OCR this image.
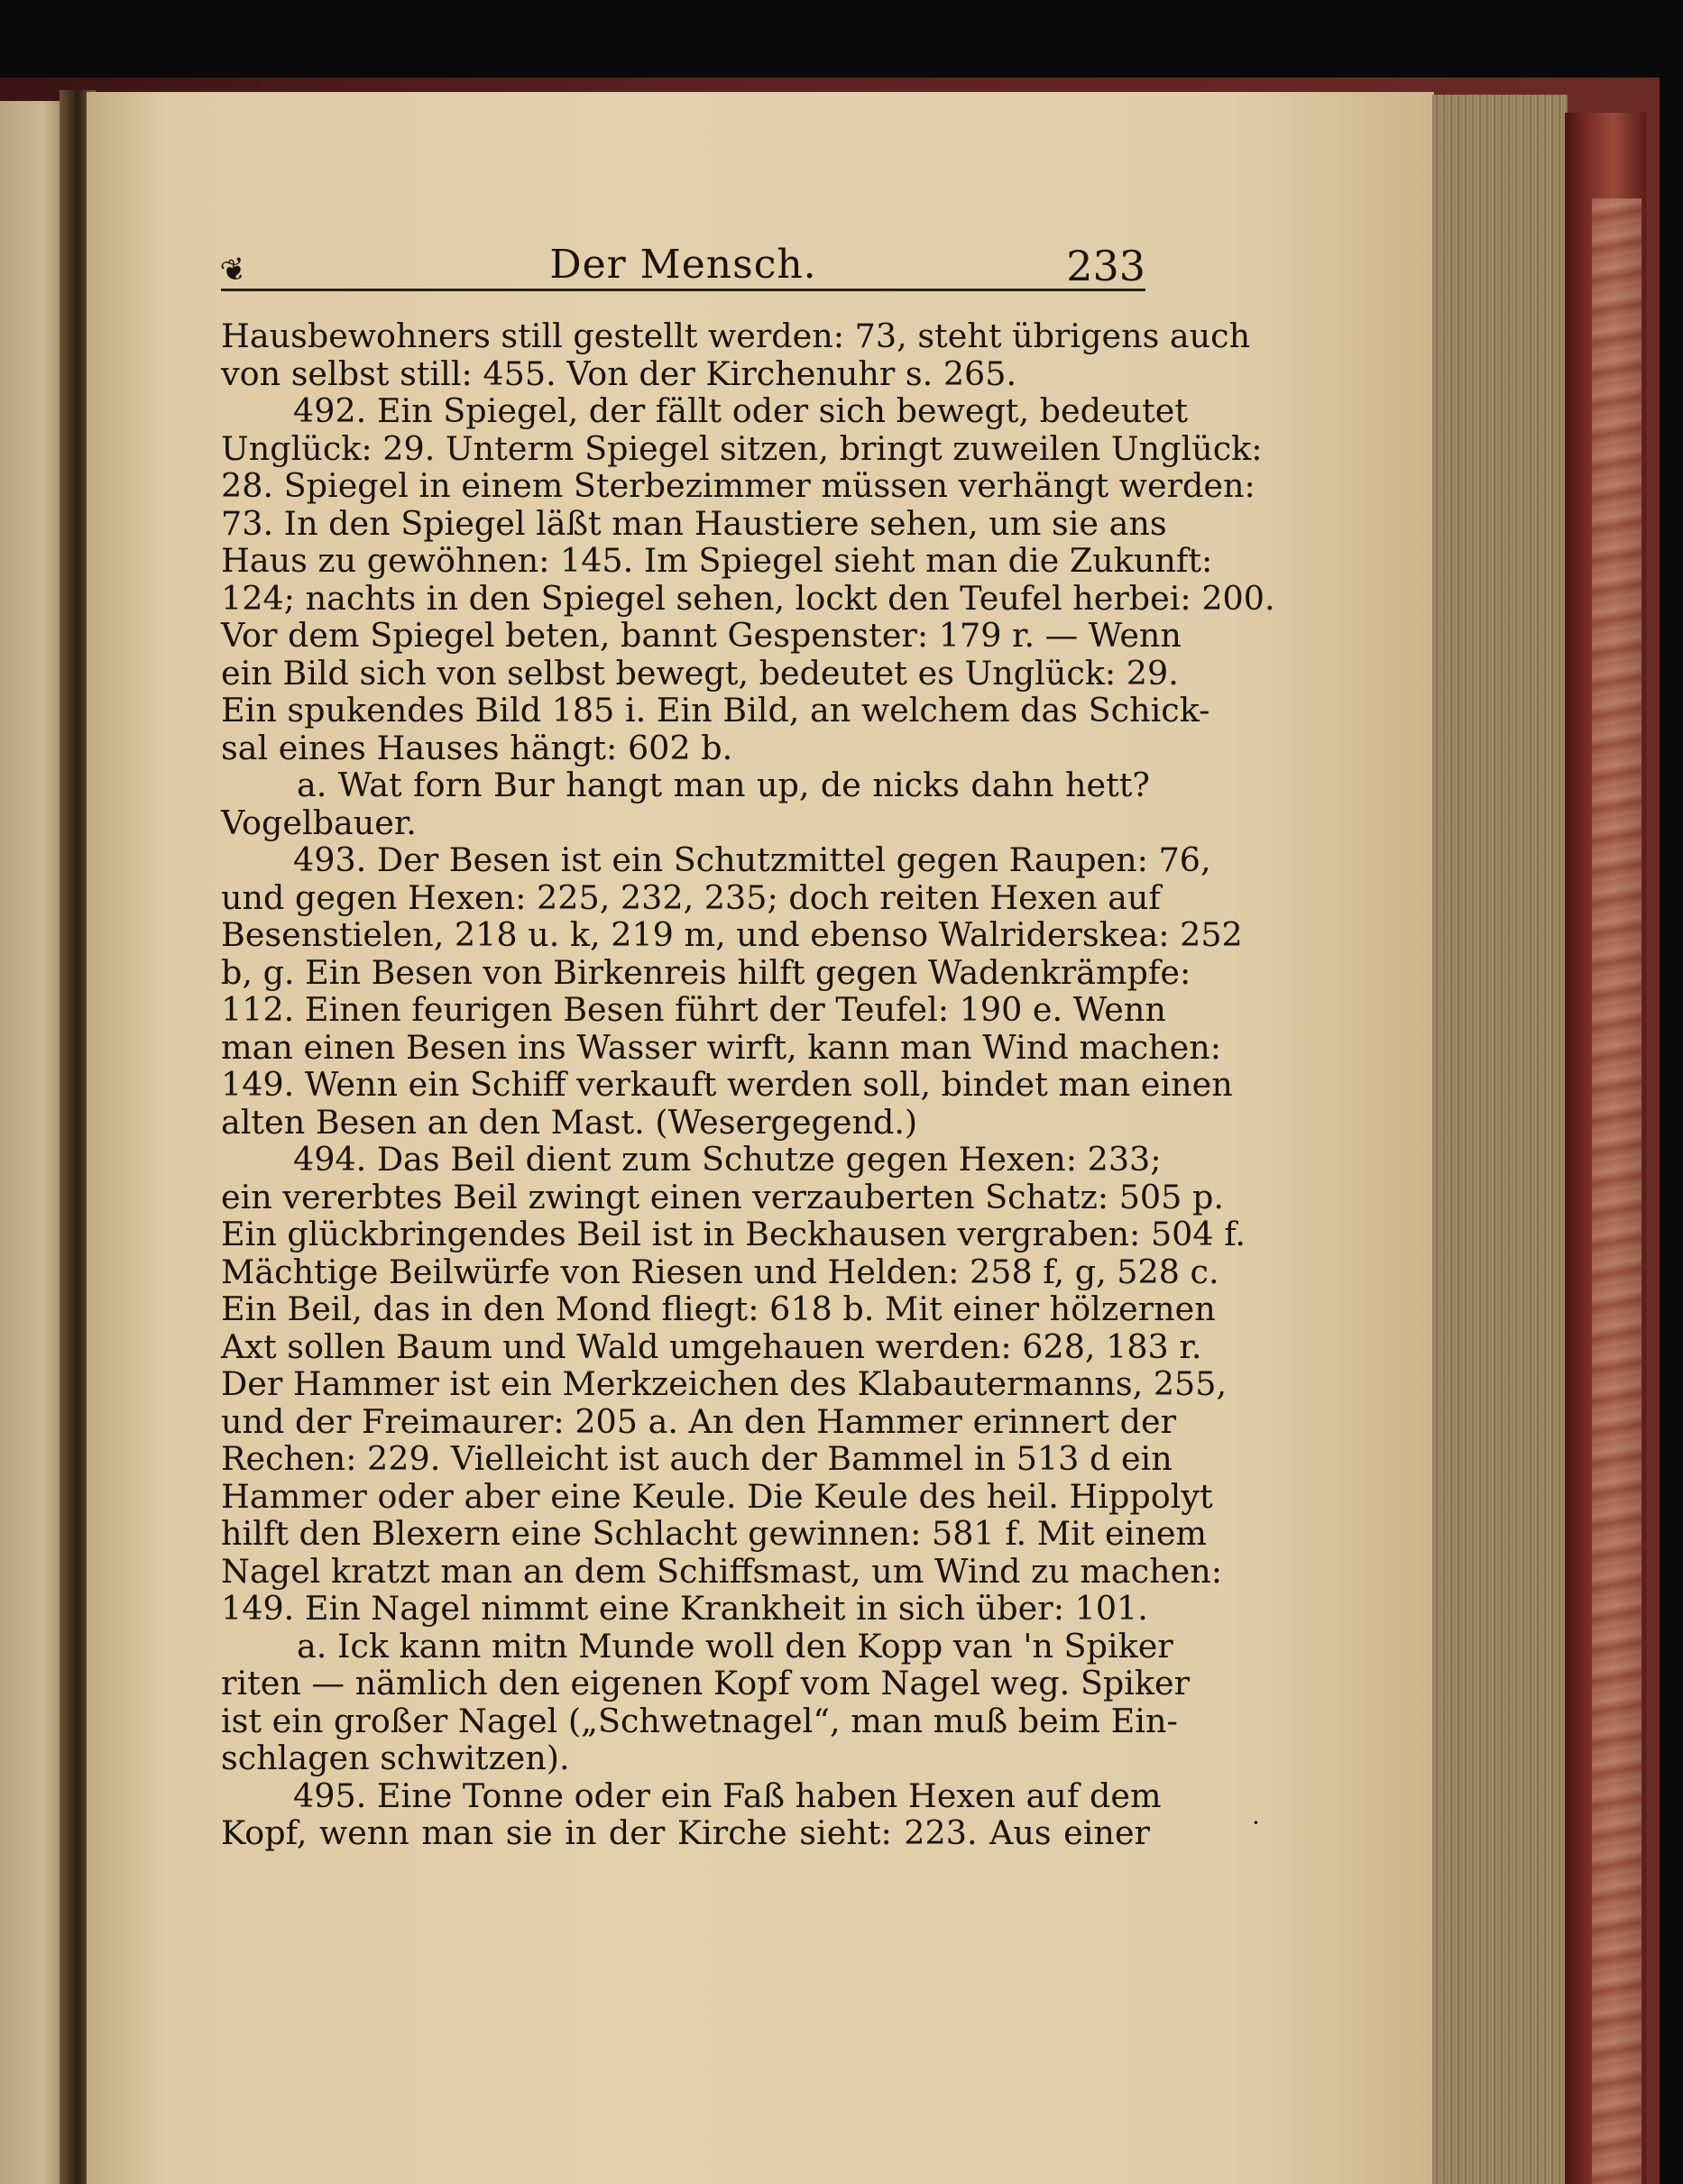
❦	Der Mensch.	233
Hausbewohners still gestellt werden: 73, steht übrigens auch
von selbst still: 455. Von der Kirchenuhr s. 265.
492. Ein Spiegel, der fällt oder sich bewegt, bedeutet
Unglück: 29. Unterm Spiegel sitzen, bringt zuweilen Unglück:
28. Spiegel in einem Sterbezimmer müssen verhängt werden:
73. In den Spiegel läßt man Haustiere sehen, um sie ans
Haus zu gewöhnen: 145. Im Spiegel sieht man die Zukunft:
124; nachts in den Spiegel sehen, lockt den Teufel herbei: 200.
Vor dem Spiegel beten, bannt Gespenster: 179 r. — Wenn
ein Bild sich von selbst bewegt, bedeutet es Unglück: 29.
Ein spukendes Bild 185 i. Ein Bild, an welchem das Schick-
sal eines Hauses hängt: 602 b.
a. Wat forn Bur hangt man up, de nicks dahn hett?
Vogelbauer.
493. Der Besen ist ein Schutzmittel gegen Raupen: 76,
und gegen Hexen: 225, 232, 235; doch reiten Hexen auf
Besenstielen, 218 u. k, 219 m, und ebenso Walriderskea: 252
b, g. Ein Besen von Birkenreis hilft gegen Wadenkrämpfe:
112. Einen feurigen Besen führt der Teufel: 190 e. Wenn
man einen Besen ins Wasser wirft, kann man Wind machen:
149. Wenn ein Schiff verkauft werden soll, bindet man einen
alten Besen an den Mast. (Wesergegend.)
494. Das Beil dient zum Schutze gegen Hexen: 233;
ein vererbtes Beil zwingt einen verzauberten Schatz: 505 p.
Ein glückbringendes Beil ist in Beckhausen vergraben: 504 f.
Mächtige Beilwürfe von Riesen und Helden: 258 f, g, 528 c.
Ein Beil, das in den Mond fliegt: 618 b. Mit einer hölzernen
Axt sollen Baum und Wald umgehauen werden: 628, 183 r.
Der Hammer ist ein Merkzeichen des Klabautermanns, 255,
und der Freimaurer: 205 a. An den Hammer erinnert der
Rechen: 229. Vielleicht ist auch der Bammel in 513 d ein
Hammer oder aber eine Keule. Die Keule des heil. Hippolyt
hilft den Blexern eine Schlacht gewinnen: 581 f. Mit einem
Nagel kratzt man an dem Schiffsmast, um Wind zu machen:
149. Ein Nagel nimmt eine Krankheit in sich über: 101.
a. Ick kann mitn Munde woll den Kopp van 'n Spiker
riten — nämlich den eigenen Kopf vom Nagel weg. Spiker
ist ein großer Nagel („Schwetnagel“, man muß beim Ein-
schlagen schwitzen).
495. Eine Tonne oder ein Faß haben Hexen auf dem
Kopf, wenn man sie in der Kirche sieht: 223. Aus einer	·
